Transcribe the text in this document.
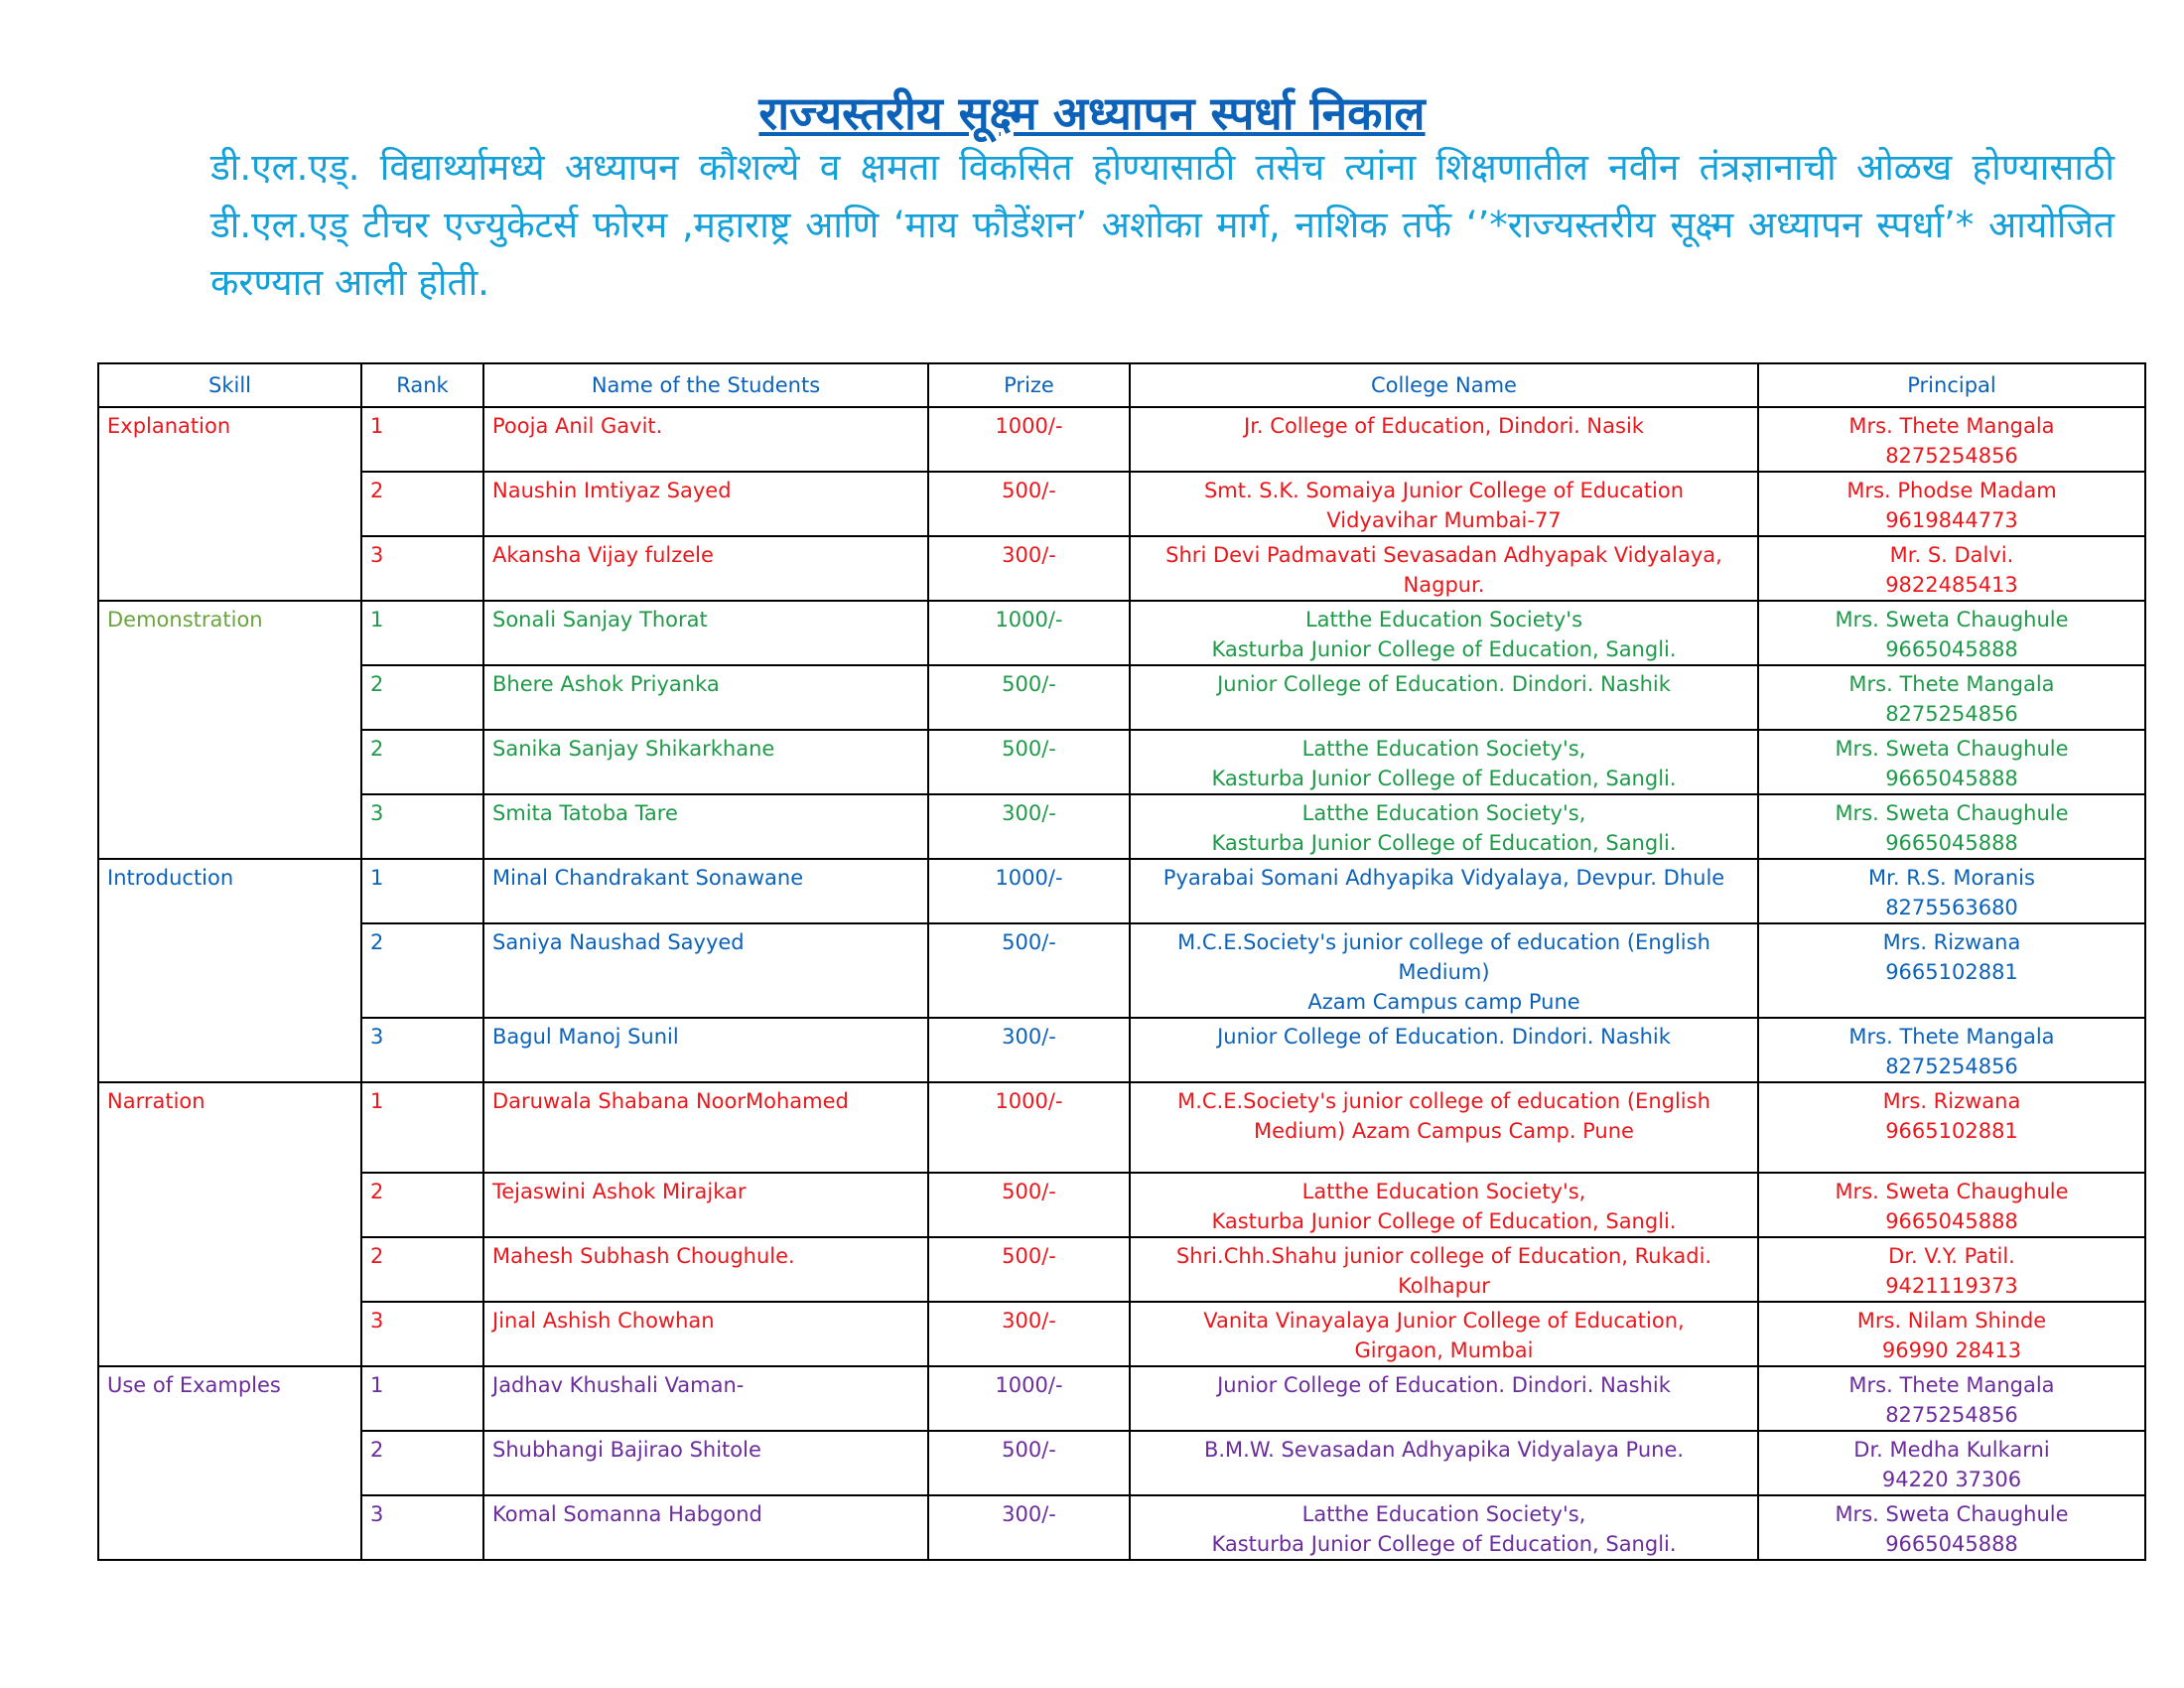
राज्यस्तरीय सूक्ष्म अध्यापन स्पर्धा निकाल

डी.एल.एड्. विद्यार्थ्यामध्ये अध्यापन कौशल्ये व क्षमता विकसित होण्यासाठी तसेच त्यांना शिक्षणातील नवीन तंत्रज्ञानाची ओळख होण्यासाठी डी.एल.एड् टीचर एज्युकेटर्स फोरम ,महाराष्ट्र आणि ‘माय फौडेंशन’ अशोका मार्ग, नाशिक तर्फे ‘’*राज्यस्तरीय सूक्ष्म अध्यापन स्पर्धा’* आयोजित करण्यात आली होती.

Skill	Rank	Name of the Students	Prize	College Name	Principal
Explanation	1	Pooja Anil Gavit.	1000/-	Jr. College of Education, Dindori. Nasik	Mrs. Thete Mangala
8275254856

	2	Naushin Imtiyaz Sayed	500/-	Smt. S.K. Somaiya Junior College of Education
Vidyavihar Mumbai-77	Mrs. Phodse Madam
9619844773

	3	Akansha Vijay fulzele	300/-	Shri Devi Padmavati Sevasadan Adhyapak Vidyalaya,
Nagpur.	Mr. S. Dalvi.
9822485413

Demonstration	1	Sonali Sanjay Thorat	1000/-	Latthe Education Society's
Kasturba Junior College of Education, Sangli.	Mrs. Sweta Chaughule
9665045888

	2	Bhere Ashok Priyanka	500/-	Junior College of Education. Dindori. Nashik	Mrs. Thete Mangala
8275254856

	2	Sanika Sanjay Shikarkhane	500/-	Latthe Education Society's,
Kasturba Junior College of Education, Sangli.	Mrs. Sweta Chaughule
9665045888

	3	Smita Tatoba Tare	300/-	Latthe Education Society's,
Kasturba Junior College of Education, Sangli.	Mrs. Sweta Chaughule
9665045888

Introduction	1	Minal Chandrakant Sonawane	1000/-	Pyarabai Somani Adhyapika Vidyalaya, Devpur. Dhule	Mr. R.S. Moranis
8275563680

	2	Saniya Naushad Sayyed	500/-	M.C.E.Society's junior college of education (English
Medium)
Azam Campus camp Pune	Mrs. Rizwana
9665102881

	3	Bagul Manoj Sunil	300/-	Junior College of Education. Dindori. Nashik	Mrs. Thete Mangala
8275254856

Narration	1	Daruwala Shabana NoorMohamed	1000/-	M.C.E.Society's junior college of education (English
Medium) Azam Campus Camp. Pune	Mrs. Rizwana
9665102881

	2	Tejaswini Ashok Mirajkar	500/-	Latthe Education Society's,
Kasturba Junior College of Education, Sangli.	Mrs. Sweta Chaughule
9665045888

	2	Mahesh Subhash Choughule.	500/-	Shri.Chh.Shahu junior college of Education, Rukadi.
Kolhapur	Dr. V.Y. Patil.
9421119373

	3	Jinal Ashish Chowhan	300/-	Vanita Vinayalaya Junior College of Education,
Girgaon, Mumbai	Mrs. Nilam Shinde
96990 28413

Use of Examples	1	Jadhav Khushali Vaman-	1000/-	Junior College of Education. Dindori. Nashik	Mrs. Thete Mangala
8275254856

	2	Shubhangi Bajirao Shitole	500/-	B.M.W. Sevasadan Adhyapika Vidyalaya Pune.	Dr. Medha Kulkarni
94220 37306

	3	Komal Somanna Habgond	300/-	Latthe Education Society's,
Kasturba Junior College of Education, Sangli.	Mrs. Sweta Chaughule
9665045888
